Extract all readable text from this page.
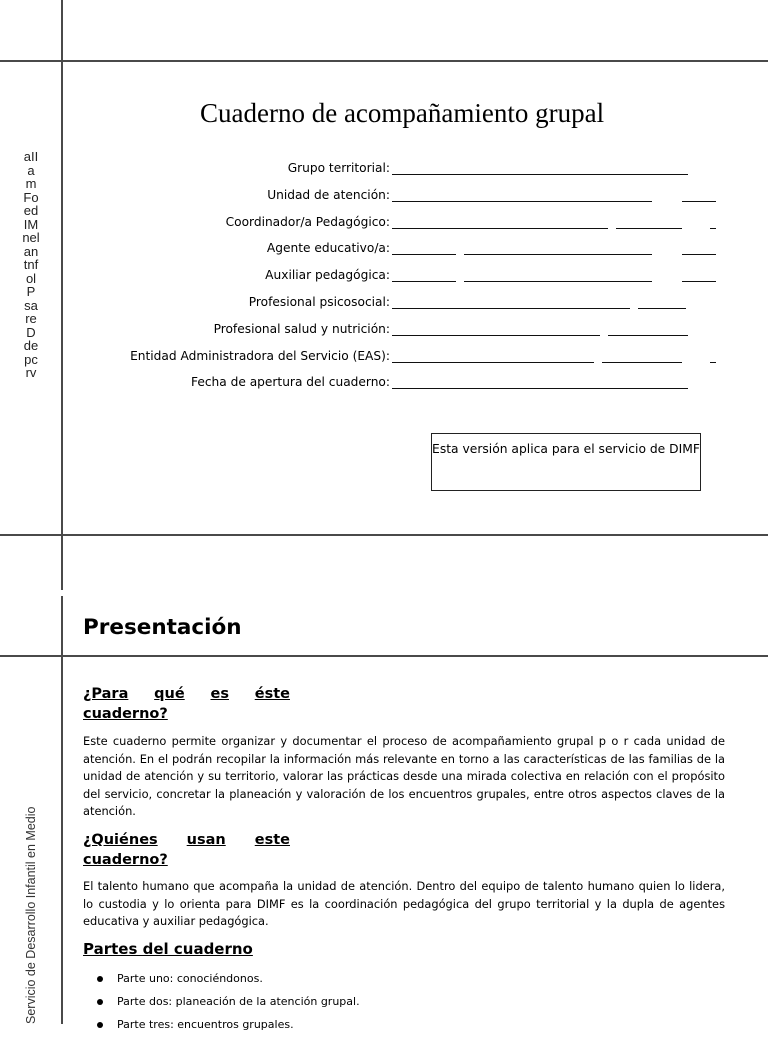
aII amFoedIMnel antnfolP sareD depcrv
Cuaderno de acompañamiento grupal
Grupo territorial:
Unidad de atención:
Coordinador/a Pedagógico:
Agente educativo/a:
Auxiliar pedagógica:
Profesional psicosocial:
Profesional salud y nutrición:
Entidad Administradora del Servicio (EAS):
Fecha de apertura del cuaderno:
Esta versión aplica para el servicio de DIMF
Servicio de Desarrollo Infantil en Medio
Presentación
¿Para qué es éste
cuaderno?
Este cuaderno permite organizar y documentar el proceso de acompañamiento grupal p o r cada unidad de atención. En el podrán recopilar la información más relevante en torno a las características de las familias de la unidad de atención y su territorio, valorar las prácticas desde una mirada colectiva en relación con el propósito del servicio, concretar la planeación y valoración de los encuentros grupales, entre otros aspectos claves de la atención.
¿Quiénes usan este
cuaderno?
El talento humano que acompaña la unidad de atención. Dentro del equipo de talento humano quien lo lidera, lo custodia y lo orienta para DIMF es la coordinación pedagógica del grupo territorial y la dupla de agentes educativa y auxiliar pedagógica.
Partes del cuaderno
Parte uno: conociéndonos.
Parte dos: planeación de la atención grupal.
Parte tres: encuentros grupales.
